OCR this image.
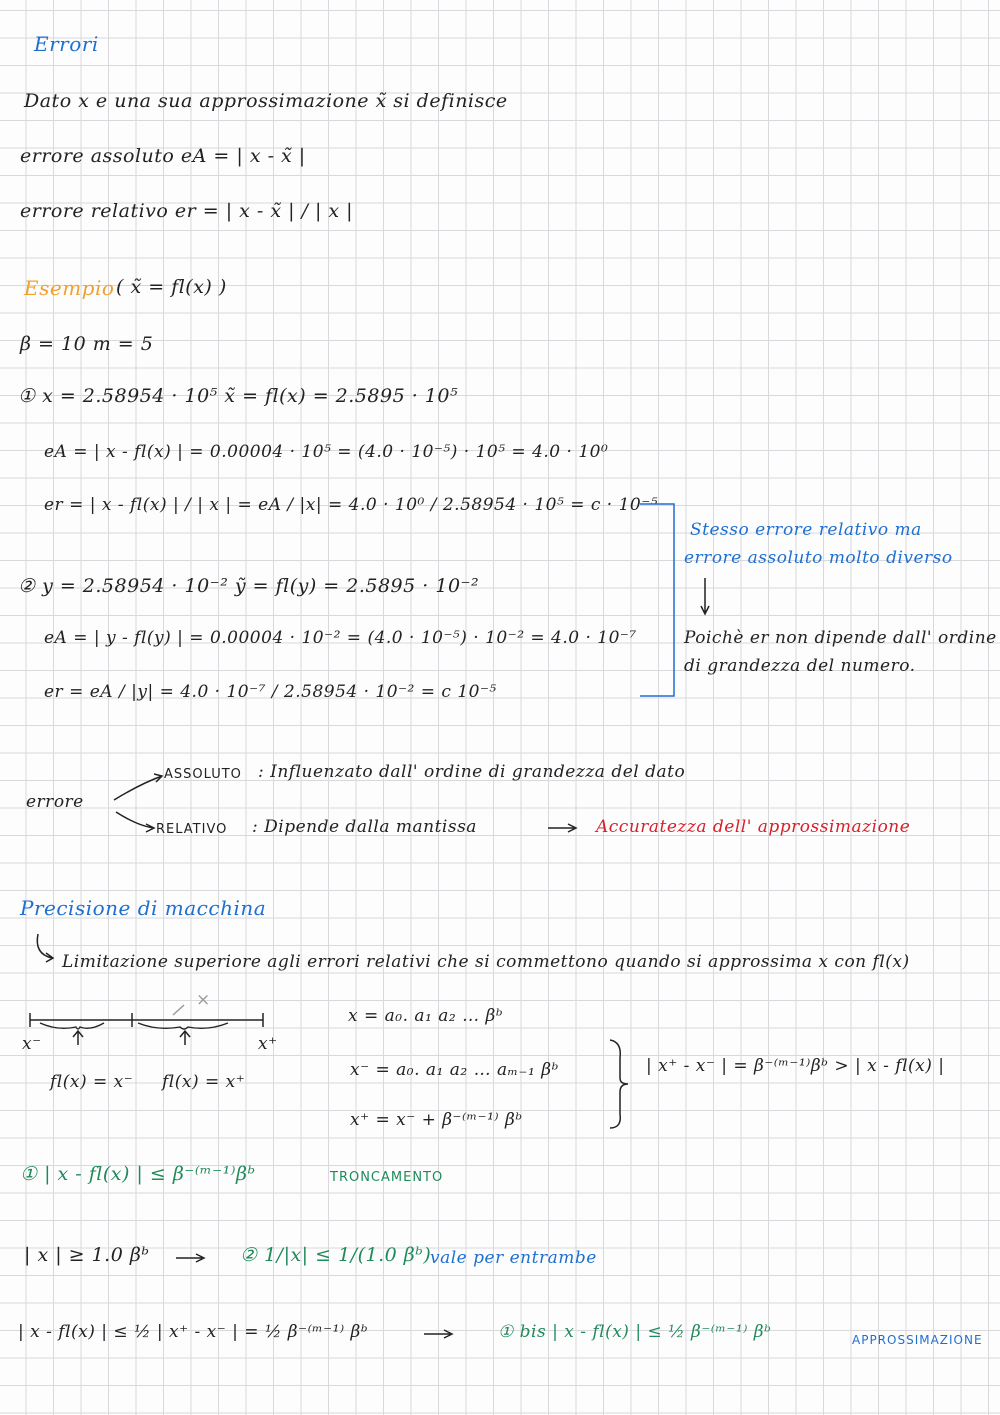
Errori
Dato x e una sua approssimazione x̃ si definisce
errore assoluto eA = | x - x̃ |
errore relativo er = | x - x̃ | / | x |
Esempio ( x̃ = fl(x) )
β = 10 m = 5
① x = 2.58954 · 10⁵ x̃ = fl(x) = 2.5895 · 10⁵
eA = | x - fl(x) | = 0.00004 · 10⁵ = (4.0 · 10⁻⁵) · 10⁵ = 4.0 · 10⁰
er = | x - fl(x) | / | x | = eA / |x| = 4.0 · 10⁰ / 2.58954 · 10⁵ = c · 10⁻⁵
② y = 2.58954 · 10⁻² ỹ = fl(y) = 2.5895 · 10⁻²
eA = | y - fl(y) | = 0.00004 · 10⁻² = (4.0 · 10⁻⁵) · 10⁻² = 4.0 · 10⁻⁷
er = eA / |y| = 4.0 · 10⁻⁷ / 2.58954 · 10⁻² = c 10⁻⁵
Stesso errore relativo ma
errore assoluto molto diverso
Poichè er non dipende dall' ordine
di grandezza del numero.
errore
ASSOLUTO : Influenzato dall' ordine di grandezza del dato
RELATIVO : Dipende dalla mantissa	Accuratezza dell' approssimazione
Precisione di macchina
Limitazione superiore agli errori relativi che si commettono quando si approssima x con fl(x)
×
x⁻	x⁺
fl(x) = x⁻ fl(x) = x⁺
x = a₀. a₁ a₂ … βᵇ
x⁻ = a₀. a₁ a₂ … aₘ₋₁ βᵇ
x⁺ = x⁻ + β⁻⁽ᵐ⁻¹⁾ βᵇ
| x⁺ - x⁻ | = β⁻⁽ᵐ⁻¹⁾βᵇ > | x - fl(x) |
① | x - fl(x) | ≤ β⁻⁽ᵐ⁻¹⁾βᵇ	TRONCAMENTO
| x | ≥ 1.0 βᵇ	② 1/|x| ≤ 1/(1.0 βᵇ)
vale per entrambe
| x - fl(x) | ≤ ½ | x⁺ - x⁻ | = ½ β⁻⁽ᵐ⁻¹⁾ βᵇ	① bis | x - fl(x) | ≤ ½ β⁻⁽ᵐ⁻¹⁾ βᵇ	APPROSSIMAZIONE
